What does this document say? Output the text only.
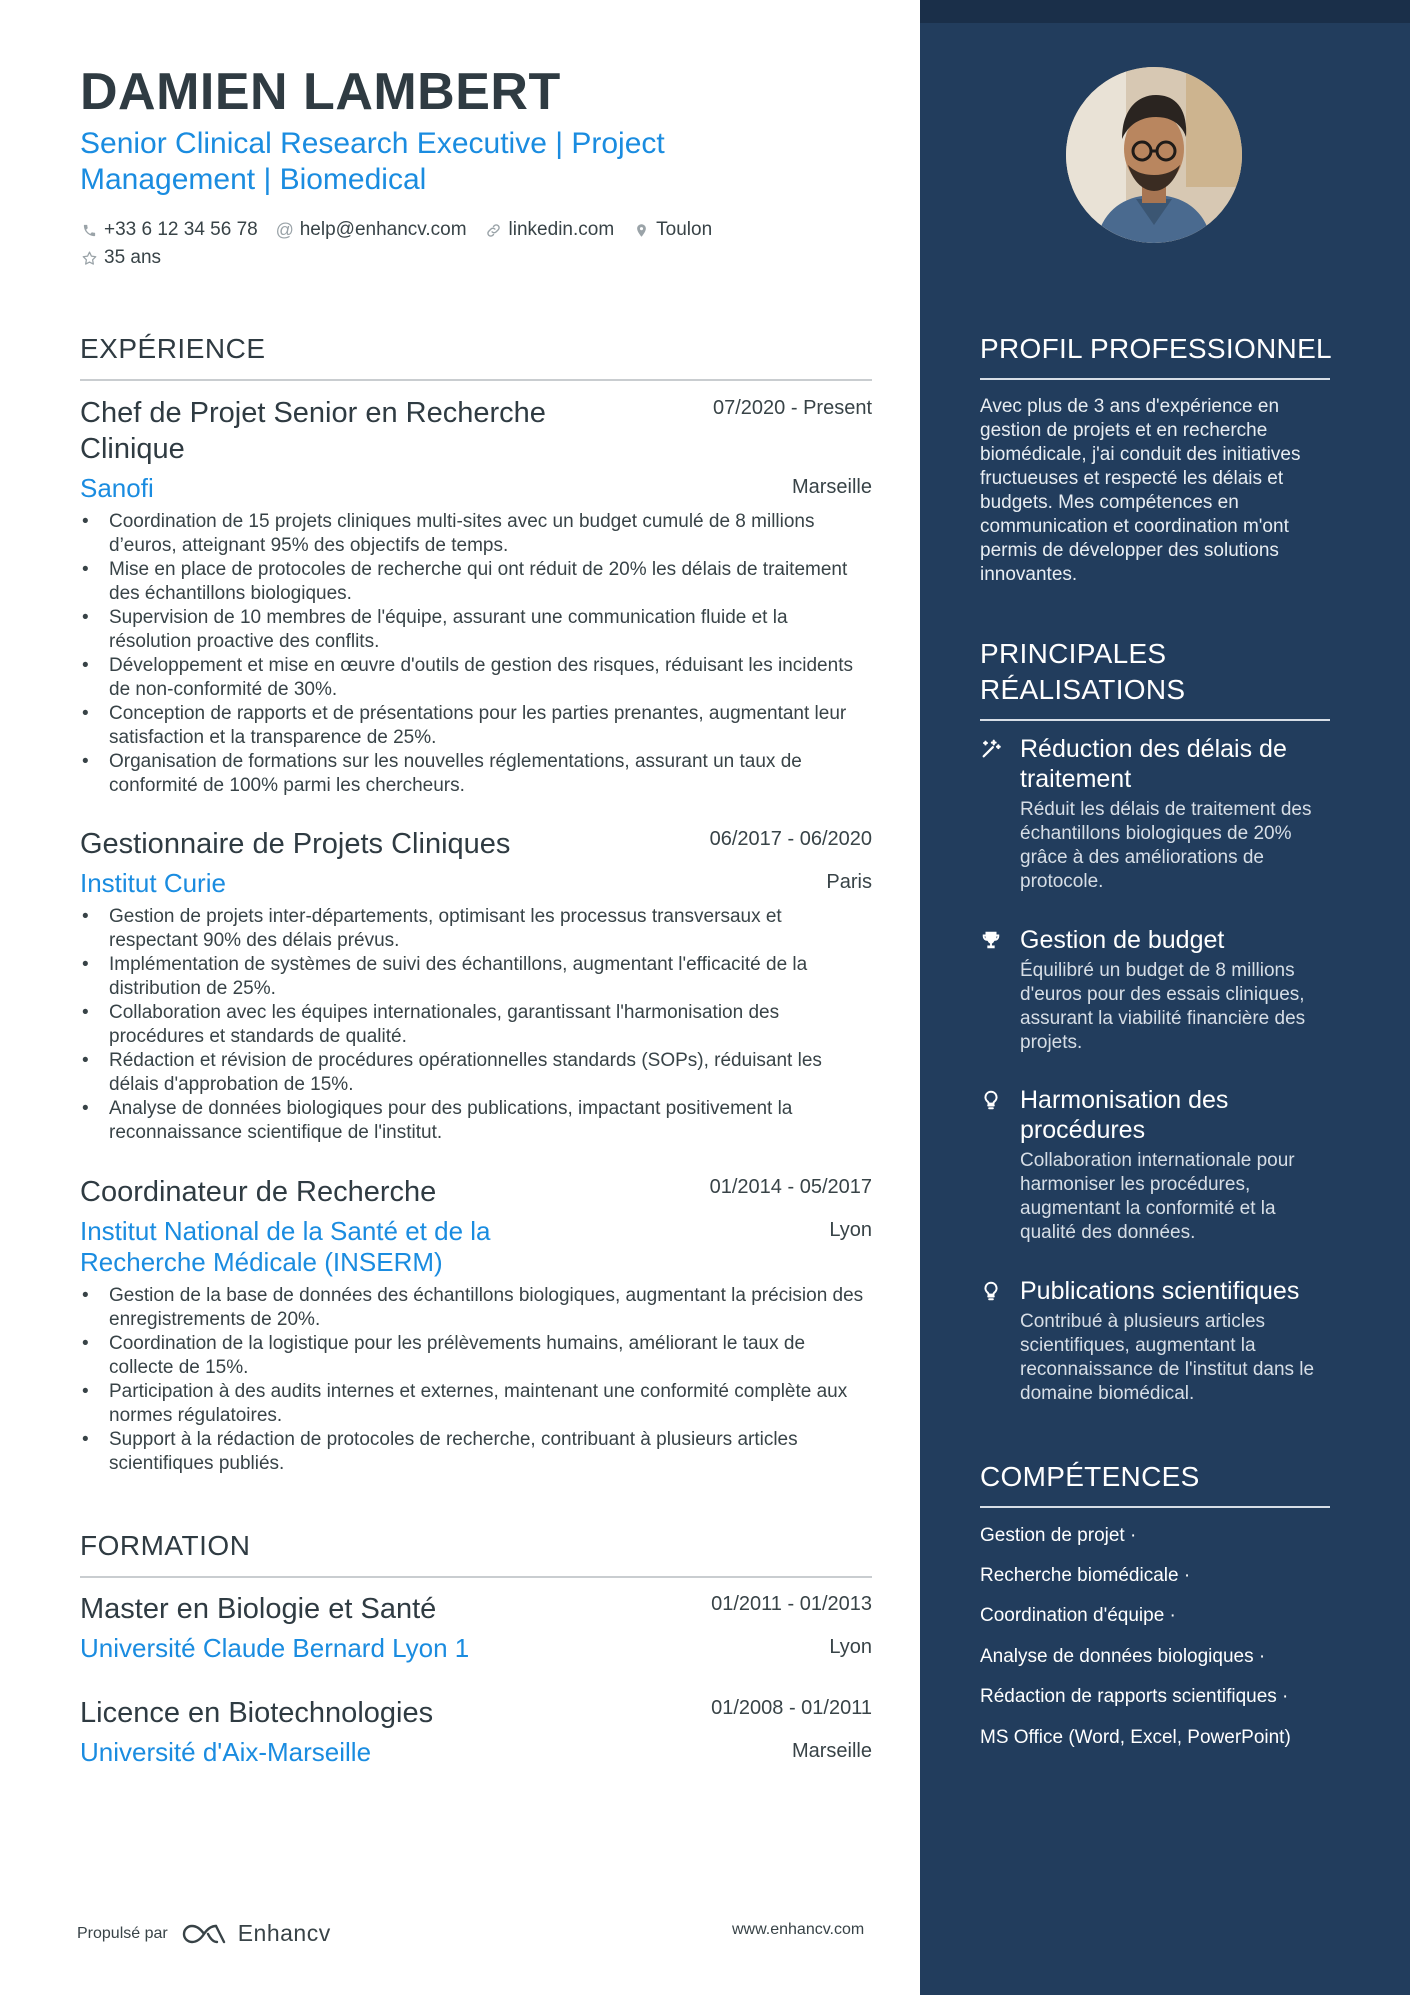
DAMIEN LAMBERT
Senior Clinical Research Executive | Project Management | Biomedical
+33 6 12 34 56 78 @ help@enhancv.com linkedin.com Toulon
35 ans
EXPÉRIENCE
Chef de Projet Senior en Recherche Clinique
07/2020 - Present
Sanofi	Marseille
• Coordination de 15 projets cliniques multi-sites avec un budget cumulé de 8 millions d’euros, atteignant 95% des objectifs de temps.
• Mise en place de protocoles de recherche qui ont réduit de 20% les délais de traitement des échantillons biologiques.
• Supervision de 10 membres de l'équipe, assurant une communication fluide et la résolution proactive des conflits.
• Développement et mise en œuvre d'outils de gestion des risques, réduisant les incidents de non-conformité de 30%.
• Conception de rapports et de présentations pour les parties prenantes, augmentant leur satisfaction et la transparence de 25%.
• Organisation de formations sur les nouvelles réglementations, assurant un taux de conformité de 100% parmi les chercheurs.
Gestionnaire de Projets Cliniques	06/2017 - 06/2020
Institut Curie	Paris
• Gestion de projets inter-départements, optimisant les processus transversaux et respectant 90% des délais prévus.
• Implémentation de systèmes de suivi des échantillons, augmentant l'efficacité de la distribution de 25%.
• Collaboration avec les équipes internationales, garantissant l'harmonisation des procédures et standards de qualité.
• Rédaction et révision de procédures opérationnelles standards (SOPs), réduisant les délais d'approbation de 15%.
• Analyse de données biologiques pour des publications, impactant positivement la reconnaissance scientifique de l'institut.
Coordinateur de Recherche	01/2014 - 05/2017
Institut National de la Santé et de la Recherche Médicale (INSERM)
Lyon
• Gestion de la base de données des échantillons biologiques, augmentant la précision des enregistrements de 20%.
• Coordination de la logistique pour les prélèvements humains, améliorant le taux de collecte de 15%.
• Participation à des audits internes et externes, maintenant une conformité complète aux normes régulatoires.
• Support à la rédaction de protocoles de recherche, contribuant à plusieurs articles scientifiques publiés.
FORMATION
Master en Biologie et Santé	01/2011 - 01/2013
Université Claude Bernard Lyon 1	Lyon
Licence en Biotechnologies	01/2008 - 01/2011
Université d'Aix-Marseille	Marseille
Propulsé par	Enhancv	www.enhancv.com
PROFIL PROFESSIONNEL
Avec plus de 3 ans d'expérience en gestion de projets et en recherche biomédicale, j'ai conduit des initiatives fructueuses et respecté les délais et budgets. Mes compétences en communication et coordination m'ont permis de développer des solutions innovantes.
PRINCIPALES RÉALISATIONS
Réduction des délais de traitement
Réduit les délais de traitement des échantillons biologiques de 20% grâce à des améliorations de protocole.
Gestion de budget
Équilibré un budget de 8 millions d'euros pour des essais cliniques, assurant la viabilité financière des projets.
Harmonisation des procédures
Collaboration internationale pour harmoniser les procédures, augmentant la conformité et la qualité des données.
Publications scientifiques
Contribué à plusieurs articles scientifiques, augmentant la reconnaissance de l'institut dans le domaine biomédical.
COMPÉTENCES
Gestion de projet ·
Recherche biomédicale ·
Coordination d'équipe ·
Analyse de données biologiques ·
Rédaction de rapports scientifiques ·
MS Office (Word, Excel, PowerPoint)
